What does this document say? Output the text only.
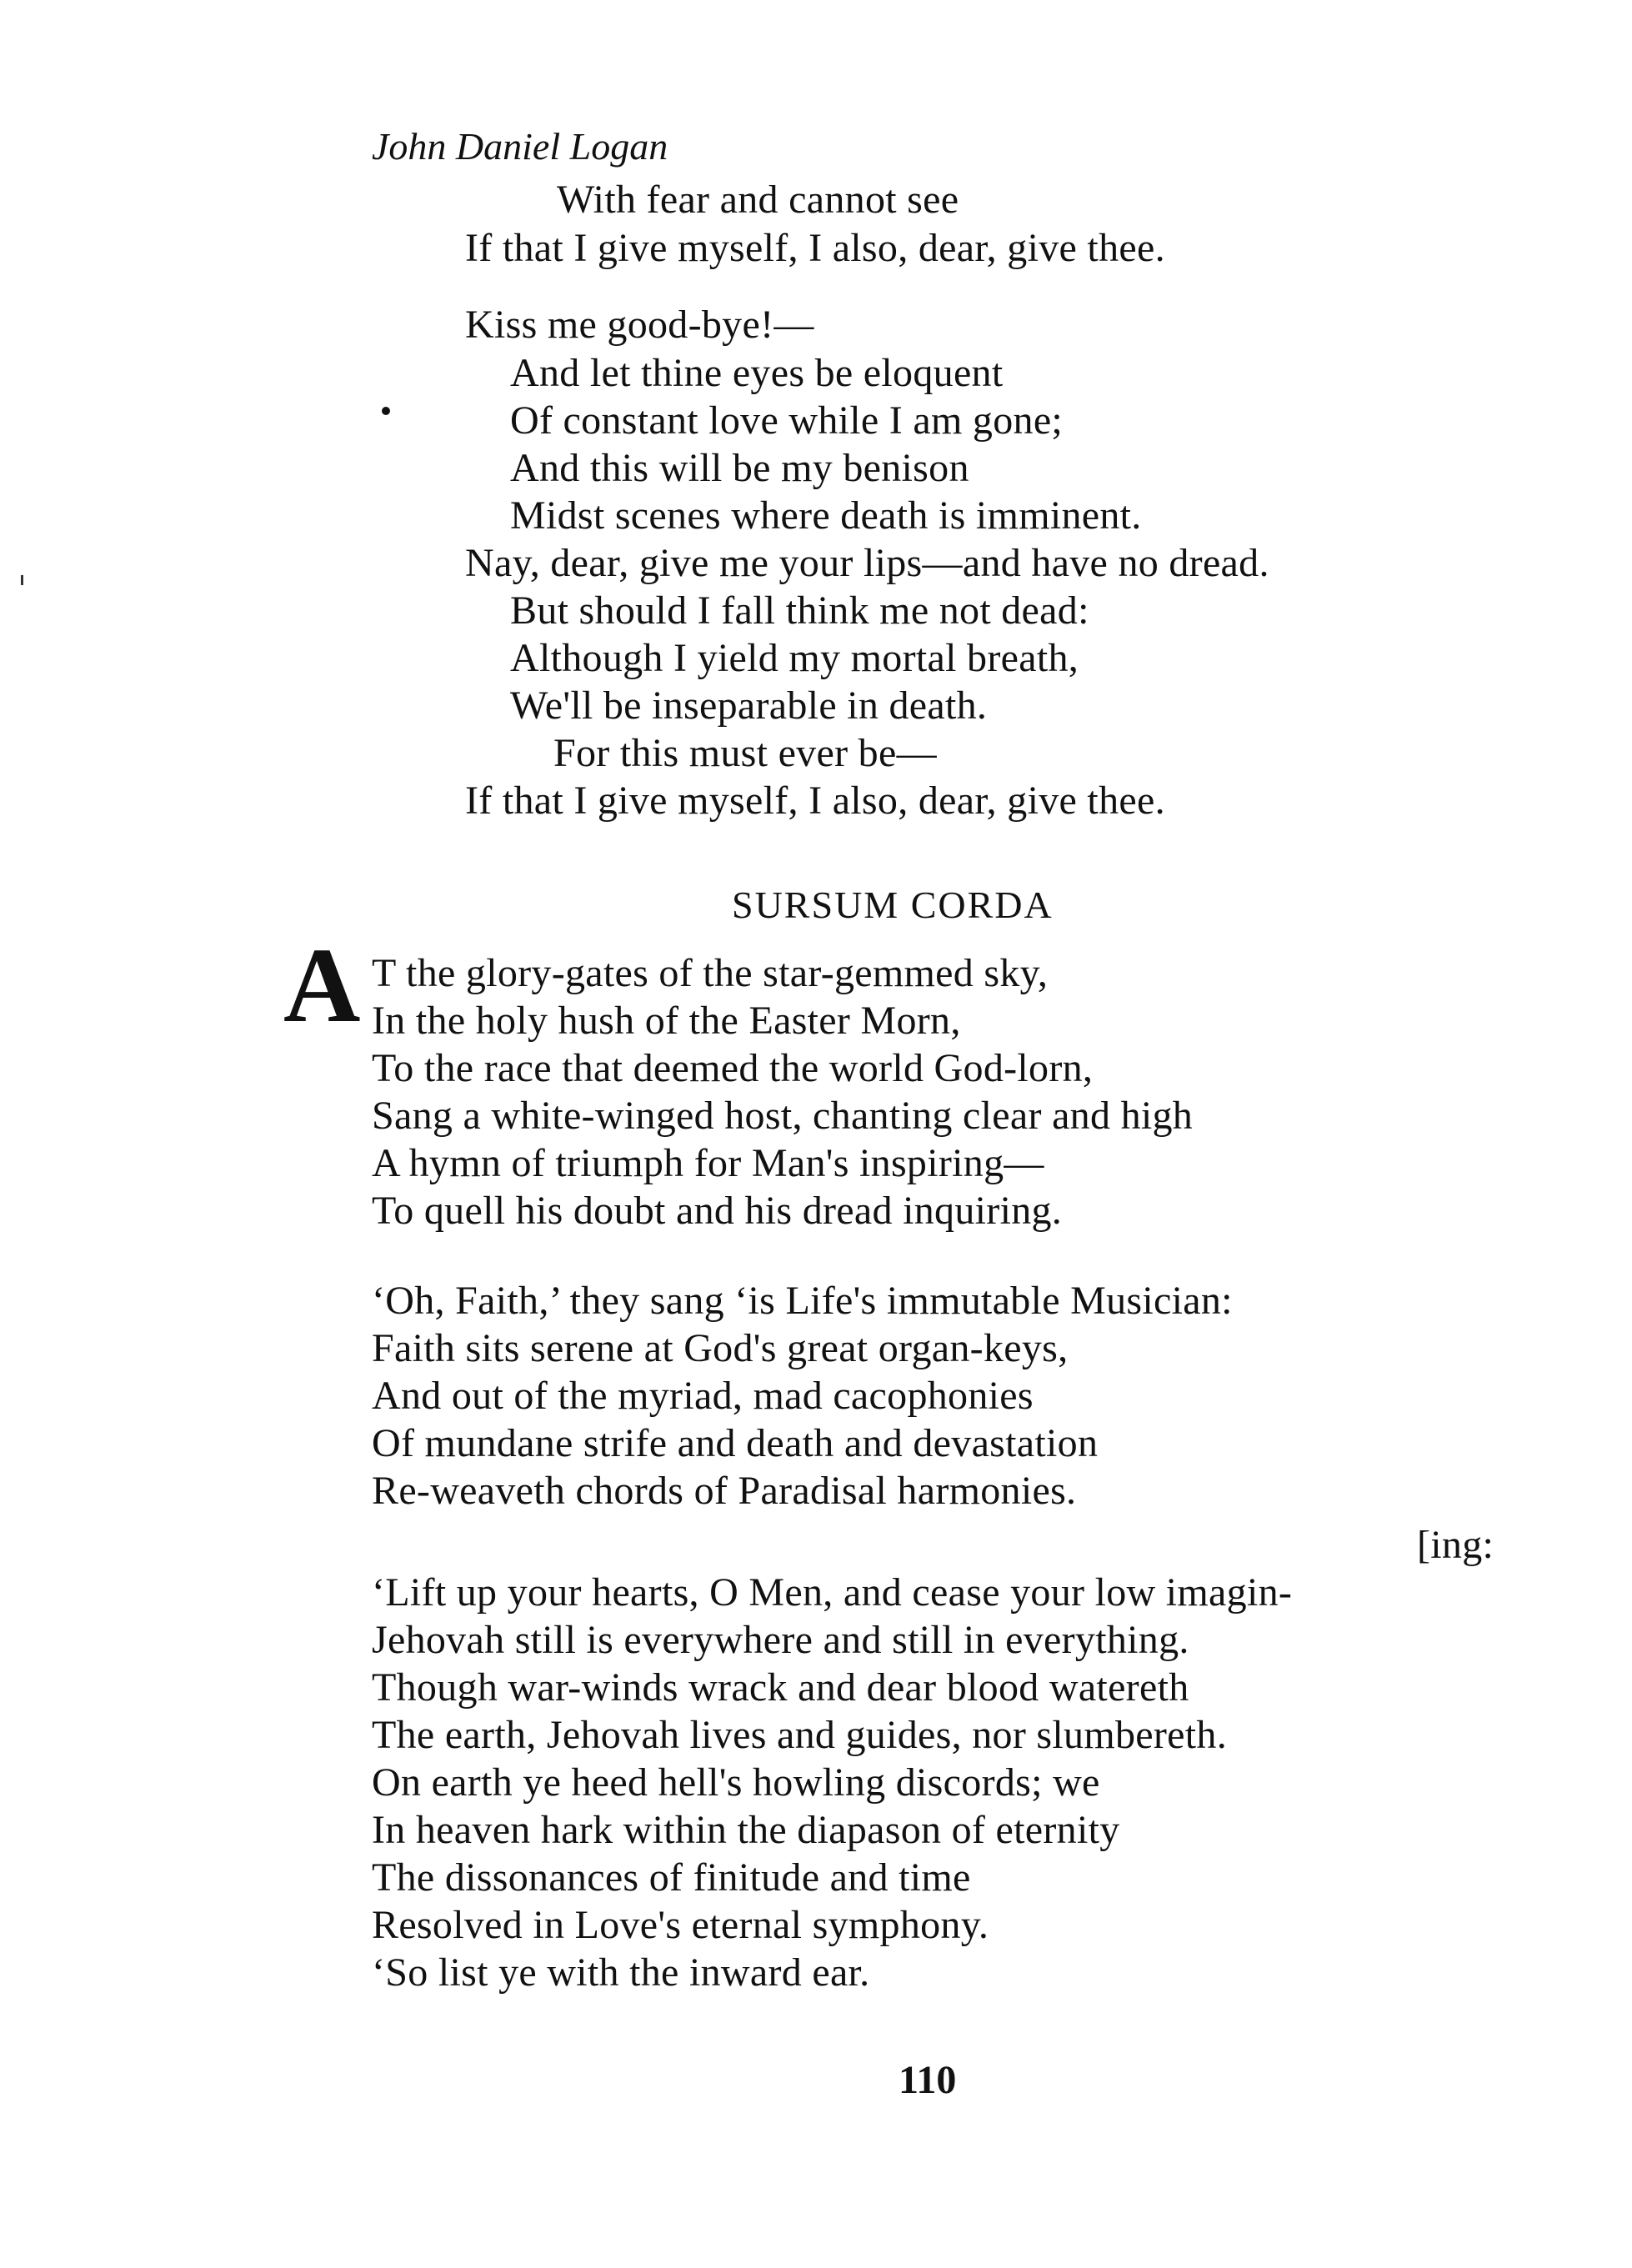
John Daniel Logan
With fear and cannot see
If that I give myself, I also, dear, give thee.
Kiss me good-bye!—
And let thine eyes be eloquent
Of constant love while I am gone;
And this will be my benison
Midst scenes where death is imminent.
Nay, dear, give me your lips—and have no dread.
But should I fall think me not dead:
Although I yield my mortal breath,
We'll be inseparable in death.
For this must ever be—
If that I give myself, I also, dear, give thee.
SURSUM CORDA
A T the glory-gates of the star-gemmed sky,
In the holy hush of the Easter Morn,
To the race that deemed the world God-lorn,
Sang a white-winged host, chanting clear and high
A hymn of triumph for Man's inspiring—
To quell his doubt and his dread inquiring.
‘Oh, Faith,’ they sang ‘is Life's immutable Musician:
Faith sits serene at God's great organ-keys,
And out of the myriad, mad cacophonies
Of mundane strife and death and devastation
Re-weaveth chords of Paradisal harmonies.
[ing:
‘Lift up your hearts, O Men, and cease your low imagin-
Jehovah still is everywhere and still in everything.
Though war-winds wrack and dear blood watereth
The earth, Jehovah lives and guides, nor slumbereth.
On earth ye heed hell's howling discords; we
In heaven hark within the diapason of eternity
The dissonances of finitude and time
Resolved in Love's eternal symphony.
‘So list ye with the inward ear.
110
